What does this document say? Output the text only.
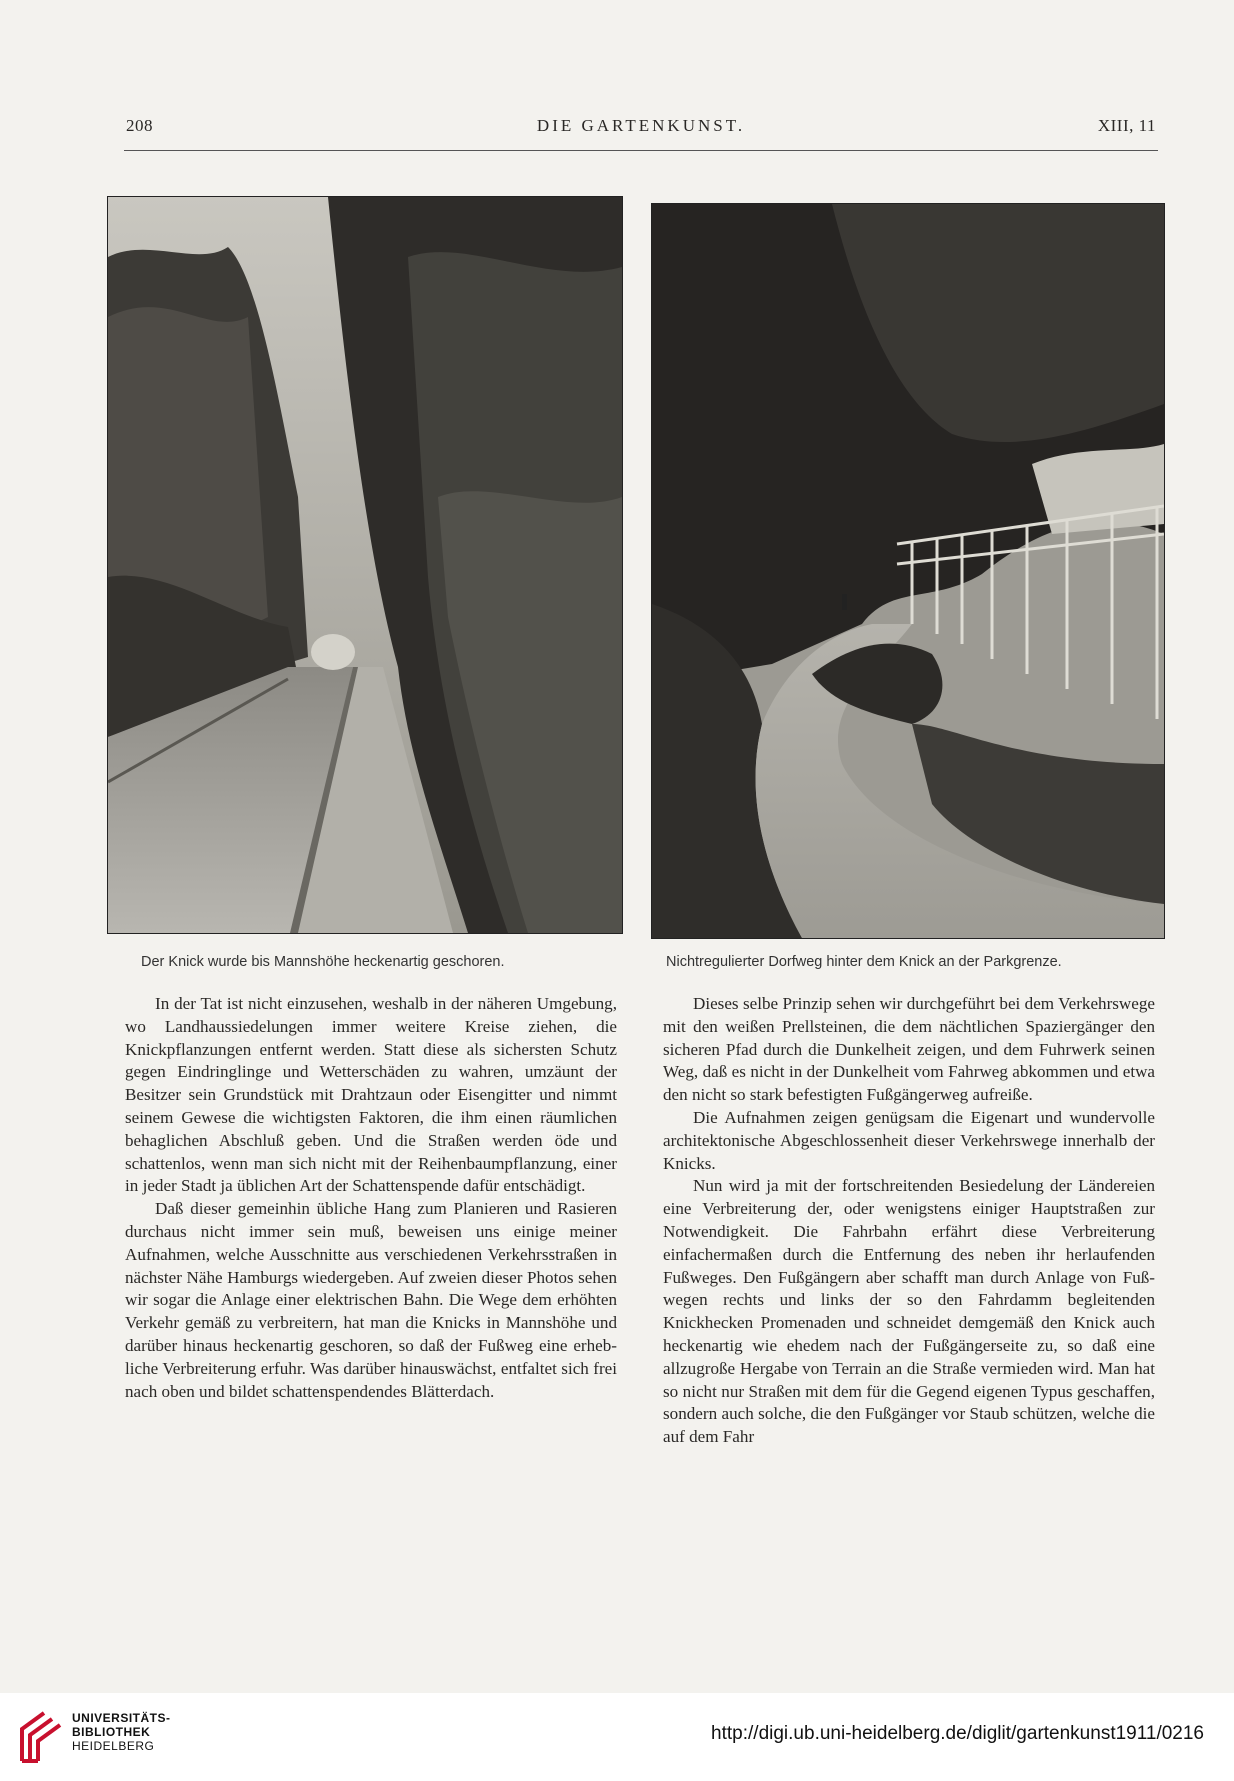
208	DIE GARTENKUNST.	XIII, 11
Der Knick wurde bis Mannshöhe heckenartig geschoren.	Nichtregulierter Dorfweg hinter dem Knick an der Parkgrenze.

In der Tat ist nicht einzusehen, weshalb in der näheren Umgebung, wo Landhaussiedelungen immer weitere Kreise ziehen, die Knickpflanzungen entfernt werden. Statt diese als sichersten Schutz gegen Eindringlinge und Wetterschäden zu wahren, umzäunt der Besitzer sein Grundstück mit Drahtzaun oder Eisengitter und nimmt seinem Gewese die wichtigsten Faktoren, die ihm einen räumlichen behaglichen Abschluß geben. Und die Straßen werden öde und schattenlos, wenn man sich nicht mit der Reihenbaumpflanzung, einer in jeder Stadt ja üblichen Art der Schattenspende dafür entschädigt.

Daß dieser gemeinhin übliche Hang zum Planieren und Rasieren durchaus nicht immer sein muß, beweisen uns einige meiner Aufnahmen, welche Ausschnitte aus verschiedenen Verkehrsstraßen in nächster Nähe Hamburgs wiedergeben. Auf zweien dieser Photos sehen wir sogar die Anlage einer elektrischen Bahn. Die Wege dem erhöhten Verkehr gemäß zu verbreitern, hat man die Knicks in Mannshöhe und darüber hinaus heckenartig geschoren, so daß der Fußweg eine erhebliche Verbreiterung erfuhr. Was darüber hinauswächst, entfaltet sich frei nach oben und bildet schattenspendendes Blätterdach.

Dieses selbe Prinzip sehen wir durchgeführt bei dem Verkehrswege mit den weißen Prellsteinen, die dem nächtlichen Spaziergänger den sicheren Pfad durch die Dunkelheit zeigen, und dem Fuhrwerk seinen Weg, daß es nicht in der Dunkelheit vom Fahrweg abkommen und etwa den nicht so stark befestigten Fußgängerweg aufreiße.

Die Aufnahmen zeigen genügsam die Eigenart und wundervolle architektonische Abgeschlossenheit dieser Verkehrswege innerhalb der Knicks.

Nun wird ja mit der fortschreitenden Besiedelung der Ländereien eine Verbreiterung der, oder wenigstens einiger Hauptstraßen zur Notwendigkeit. Die Fahrbahn erfährt diese Verbreiterung einfachermaßen durch die Entfernung des neben ihr herlaufenden Fußweges. Den Fußgängern aber schafft man durch Anlage von Fußwegen rechts und links der so den Fahrdamm begleitenden Knickhecken Promenaden und schneidet demgemäß den Knick auch heckenartig wie ehedem nach der Fußgängerseite zu, so daß eine allzugroße Hergabe von Terrain an die Straße vermieden wird. Man hat so nicht nur Straßen mit dem für die Gegend eigenen Typus geschaffen, sondern auch solche, die den Fußgänger vor Staub schützen, welche die auf dem Fahr

UNIVERSITÄTS-
BIBLIOTHEK
HEIDELBERG
http://digi.ub.uni-heidelberg.de/diglit/gartenkunst1911/0216
